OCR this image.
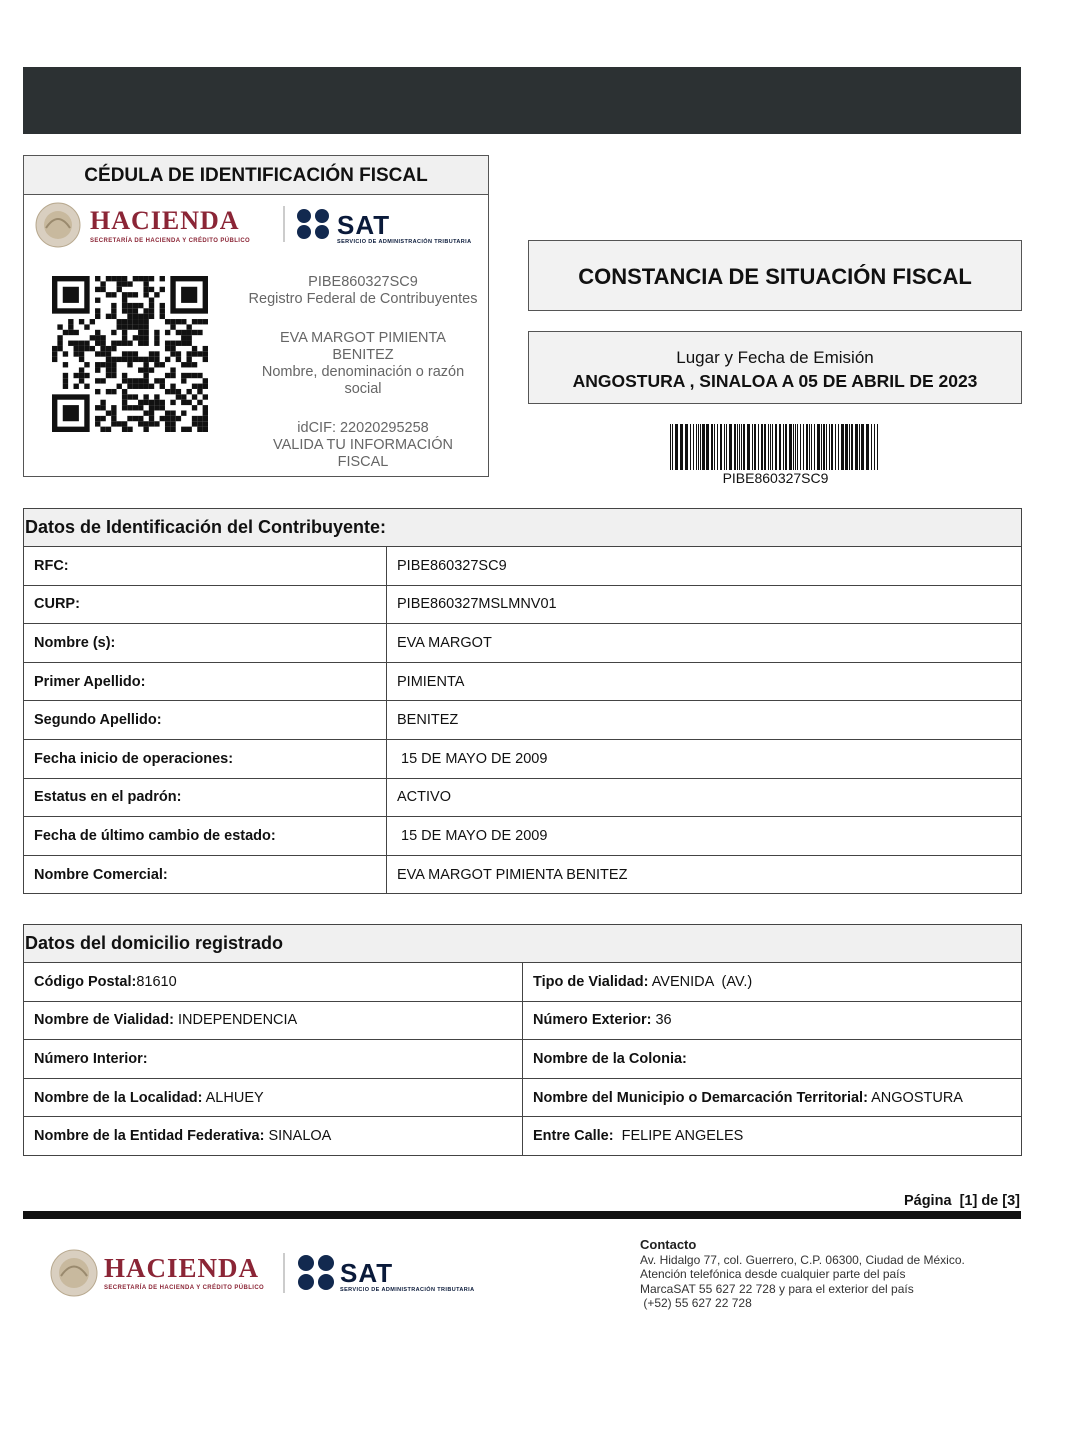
CÉDULA DE IDENTIFICACIÓN FISCAL
HACIENDA
SECRETARÍA DE HACIENDA Y CRÉDITO PÚBLICO
SAT
SERVICIO DE ADMINISTRACIÓN TRIBUTARIA
PIBE860327SC9
Registro Federal de Contribuyentes
EVA MARGOT PIMIENTA
BENITEZ
Nombre, denominación o razón
social
idCIF: 22020295258
VALIDA TU INFORMACIÓN
FISCAL
CONSTANCIA DE SITUACIÓN FISCAL
Lugar y Fecha de Emisión
ANGOSTURA , SINALOA A 05 DE ABRIL DE 2023
PIBE860327SC9
Datos de Identificación del Contribuyente:	
RFC:	PIBE860327SC9
CURP:	PIBE860327MSLMNV01
Nombre (s):	EVA MARGOT
Primer Apellido:	PIMIENTA
Segundo Apellido:	BENITEZ
Fecha inicio de operaciones:	15 DE MAYO DE 2009
Estatus en el padrón:	ACTIVO
Fecha de último cambio de estado:	15 DE MAYO DE 2009
Nombre Comercial:	EVA MARGOT PIMIENTA BENITEZ
Datos del domicilio registrado	
Código Postal:81610	Tipo de Vialidad: AVENIDA  (AV.)
Nombre de Vialidad: INDEPENDENCIA	Número Exterior: 36
Número Interior:	Nombre de la Colonia:
Nombre de la Localidad: ALHUEY	Nombre del Municipio o Demarcación Territorial: ANGOSTURA
Nombre de la Entidad Federativa: SINALOA	Entre Calle:  FELIPE ANGELES
Página  [1] de [3]
HACIENDA
SECRETARÍA DE HACIENDA Y CRÉDITO PÚBLICO	SAT
SERVICIO DE ADMINISTRACIÓN TRIBUTARIA
Contacto
Av. Hidalgo 77, col. Guerrero, C.P. 06300, Ciudad de México.
Atención telefónica desde cualquier parte del país
MarcaSAT 55 627 22 728 y para el exterior del país
(+52) 55 627 22 728
